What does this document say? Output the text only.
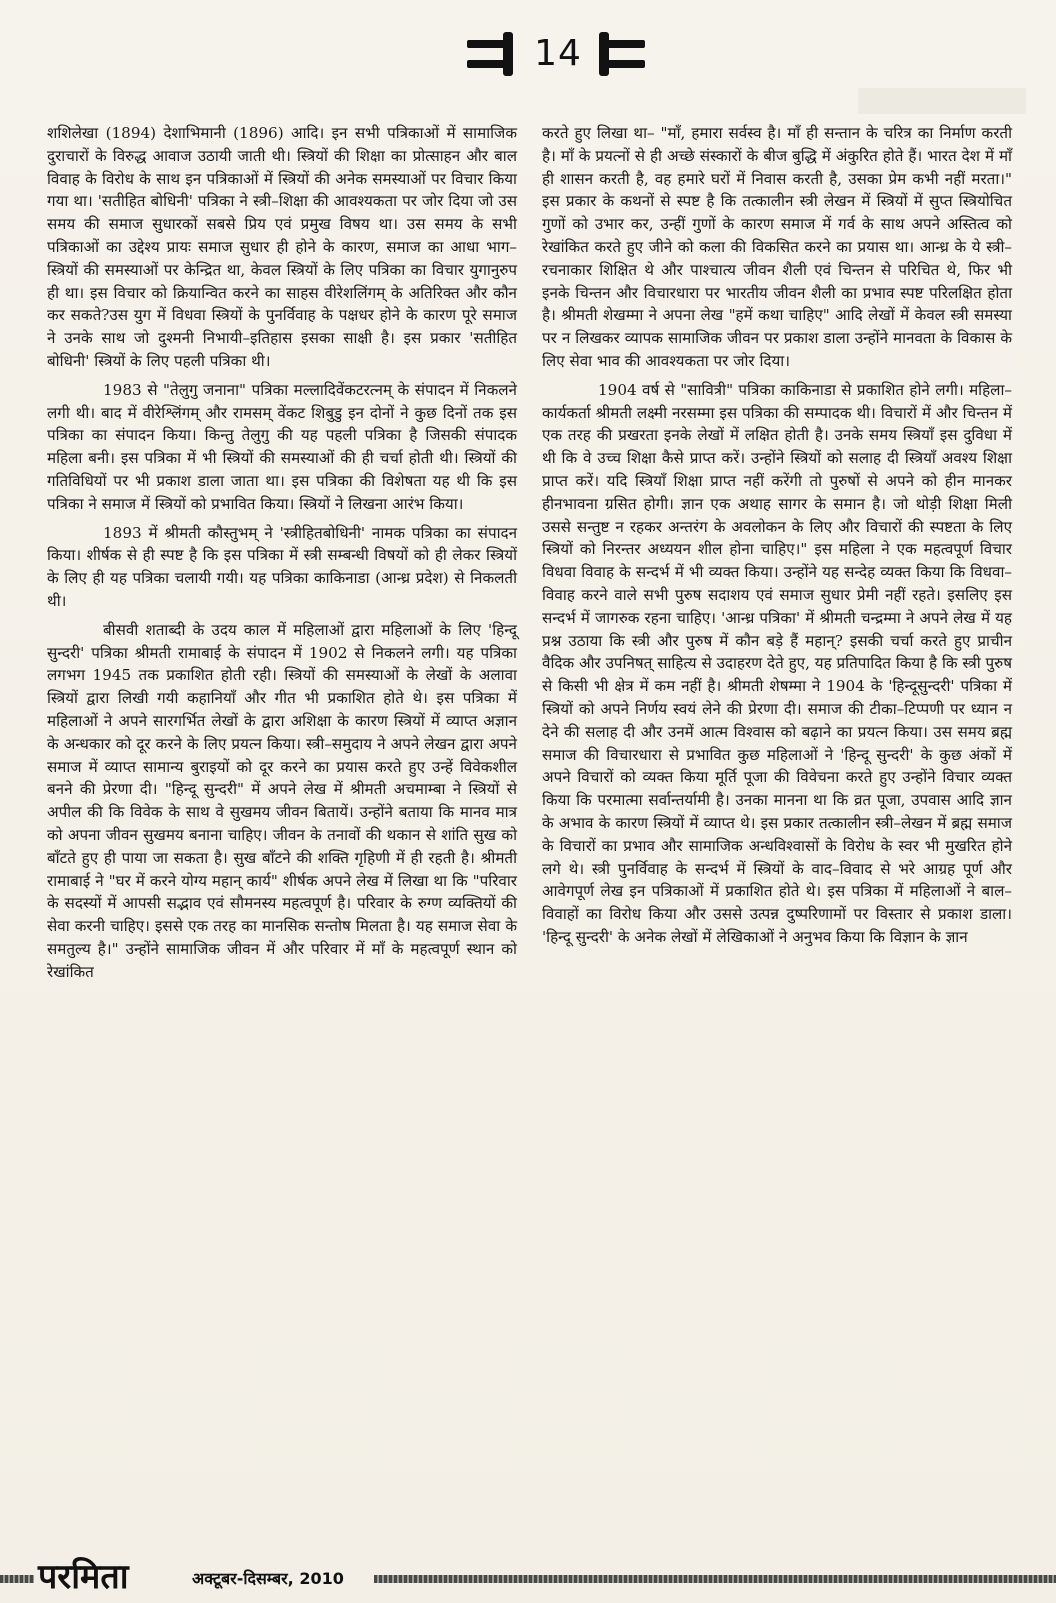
14

शशिलेखा (1894) देशाभिमानी (1896) आदि। इन सभी पत्रिकाओं में सामाजिक दुराचारों के विरुद्ध आवाज उठायी जाती थी। स्त्रियों की शिक्षा का प्रोत्साहन और बाल विवाह के विरोध के साथ इन पत्रिकाओं में स्त्रियों की अनेक समस्याओं पर विचार किया गया था। 'सतीहित बोधिनी' पत्रिका ने स्त्री–शिक्षा की आवश्यकता पर जोर दिया जो उस समय की समाज सुधारकों सबसे प्रिय एवं प्रमुख विषय था। उस समय के सभी पत्रिकाओं का उद्देश्य प्रायः समाज सुधार ही होने के कारण, समाज का आधा भाग–स्त्रियों की समस्याओं पर केन्द्रित था, केवल स्त्रियों के लिए पत्रिका का विचार युगानुरुप ही था। इस विचार को क्रियान्वित करने का साहस वीरेशलिंगम् के अतिरिक्त और कौन कर सकते?उस युग में विधवा स्त्रियों के पुनर्विवाह के पक्षधर होने के कारण पूरे समाज ने उनके साथ जो दुश्मनी निभायी–इतिहास इसका साक्षी है। इस प्रकार 'सतीहित बोधिनी' स्त्रियों के लिए पहली पत्रिका थी।

1983 से "तेलुगु जनाना" पत्रिका मल्लादिवेंकटरत्नम् के संपादन में निकलने लगी थी। बाद में वीरेश्लिंगम् और रामसम् वेंकट शिबुडु इन दोनों ने कुछ दिनों तक इस पत्रिका का संपादन किया। किन्तु तेलुगु की यह पहली पत्रिका है जिसकी संपादक महिला बनी। इस पत्रिका में भी स्त्रियों की समस्याओं की ही चर्चा होती थी। स्त्रियों की गतिविधियों पर भी प्रकाश डाला जाता था। इस पत्रिका की विशेषता यह थी कि इस पत्रिका ने समाज में स्त्रियों को प्रभावित किया। स्त्रियों ने लिखना आरंभ किया।

1893 में श्रीमती कौस्तुभम् ने 'स्त्रीहितबोधिनी' नामक पत्रिका का संपादन किया। शीर्षक से ही स्पष्ट है कि इस पत्रिका में स्त्री सम्बन्धी विषयों को ही लेकर स्त्रियों के लिए ही यह पत्रिका चलायी गयी। यह पत्रिका काकिनाडा (आन्ध्र प्रदेश) से निकलती थी।

बीसवी शताब्दी के उदय काल में महिलाओं द्वारा महिलाओं के लिए 'हिन्दू सुन्दरी' पत्रिका श्रीमती रामाबाई के संपादन में 1902 से निकलने लगी। यह पत्रिका लगभग 1945 तक प्रकाशित होती रही। स्त्रियों की समस्याओं के लेखों के अलावा स्त्रियों द्वारा लिखी गयी कहानियाँ और गीत भी प्रकाशित होते थे। इस पत्रिका में महिलाओं ने अपने सारगर्भित लेखों के द्वारा अशिक्षा के कारण स्त्रियों में व्याप्त अज्ञान के अन्धकार को दूर करने के लिए प्रयत्न किया। स्त्री–समुदाय ने अपने लेखन द्वारा अपने समाज में व्याप्त सामान्य बुराइयों को दूर करने का प्रयास करते हुए उन्हें विवेकशील बनने की प्रेरणा दी। "हिन्दू सुन्दरी" में अपने लेख में श्रीमती अचमाम्बा ने स्त्रियों से अपील की कि विवेक के साथ वे सुखमय जीवन बितायें। उन्होंने बताया कि मानव मात्र को अपना जीवन सुखमय बनाना चाहिए। जीवन के तनावों की थकान से शांति सुख को बाँटते हुए ही पाया जा सकता है। सुख बाँटने की शक्ति गृहिणी में ही रहती है। श्रीमती रामाबाई ने "घर में करने योग्य महान् कार्य" शीर्षक अपने लेख में लिखा था कि "परिवार के सदस्यों में आपसी सद्भाव एवं सौमनस्य महत्वपूर्ण है। परिवार के रुग्ण व्यक्तियों की सेवा करनी चाहिए। इससे एक तरह का मानसिक सन्तोष मिलता है। यह समाज सेवा के समतुल्य है।" उन्होंने सामाजिक जीवन में और परिवार में माँ के महत्वपूर्ण स्थान को रेखांकित

करते हुए लिखा था– "माँ, हमारा सर्वस्व है। माँ ही सन्तान के चरित्र का निर्माण करती है। माँ के प्रयत्नों से ही अच्छे संस्कारों के बीज बुद्धि में अंकुरित होते हैं। भारत देश में माँ ही शासन करती है, वह हमारे घरों में निवास करती है, उसका प्रेम कभी नहीं मरता।" इस प्रकार के कथनों से स्पष्ट है कि तत्कालीन स्त्री लेखन में स्त्रियों में सुप्त स्त्रियोचित गुणों को उभार कर, उन्हीं गुणों के कारण समाज में गर्व के साथ अपने अस्तित्व को रेखांकित करते हुए जीने को कला की विकसित करने का प्रयास था। आन्ध्र के ये स्त्री–रचनाकार शिक्षित थे और पाश्चात्य जीवन शैली एवं चिन्तन से परिचित थे, फिर भी इनके चिन्तन और विचारधारा पर भारतीय जीवन शैली का प्रभाव स्पष्ट परिलक्षित होता है। श्रीमती शेखम्मा ने अपना लेख "हमें कथा चाहिए" आदि लेखों में केवल स्त्री समस्या पर न लिखकर व्यापक सामाजिक जीवन पर प्रकाश डाला उन्होंने मानवता के विकास के लिए सेवा भाव की आवश्यकता पर जोर दिया।

1904 वर्ष से "सावित्री" पत्रिका काकिनाडा से प्रकाशित होने लगी। महिला–कार्यकर्ता श्रीमती लक्ष्मी नरसम्मा इस पत्रिका की सम्पादक थी। विचारों में और चिन्तन में एक तरह की प्रखरता इनके लेखों में लक्षित होती है। उनके समय स्त्रियाँ इस दुविधा में थी कि वे उच्च शिक्षा कैसे प्राप्त करें। उन्होंने स्त्रियों को सलाह दी स्त्रियाँ अवश्य शिक्षा प्राप्त करें। यदि स्त्रियाँ शिक्षा प्राप्त नहीं करेंगी तो पुरुषों से अपने को हीन मानकर हीनभावना ग्रसित होगी। ज्ञान एक अथाह सागर के समान है। जो थोड़ी शिक्षा मिली उससे सन्तुष्ट न रहकर अन्तरंग के अवलोकन के लिए और विचारों की स्पष्टता के लिए स्त्रियों को निरन्तर अध्ययन शील होना चाहिए।" इस महिला ने एक महत्वपूर्ण विचार विधवा विवाह के सन्दर्भ में भी व्यक्त किया। उन्होंने यह सन्देह व्यक्त किया कि विधवा–विवाह करने वाले सभी पुरुष सदाशय एवं समाज सुधार प्रेमी नहीं रहते। इसलिए इस सन्दर्भ में जागरुक रहना चाहिए। 'आन्ध्र पत्रिका' में श्रीमती चन्द्रम्मा ने अपने लेख में यह प्रश्न उठाया कि स्त्री और पुरुष में कौन बड़े हैं महान्? इसकी चर्चा करते हुए प्राचीन वैदिक और उपनिषत् साहित्य से उदाहरण देते हुए, यह प्रतिपादित किया है कि स्त्री पुरुष से किसी भी क्षेत्र में कम नहीं है। श्रीमती शेषम्मा ने 1904 के 'हिन्दूसुन्दरी' पत्रिका में स्त्रियों को अपने निर्णय स्वयं लेने की प्रेरणा दी। समाज की टीका–टिप्पणी पर ध्यान न देने की सलाह दी और उनमें आत्म विश्वास को बढ़ाने का प्रयत्न किया। उस समय ब्रह्म समाज की विचारधारा से प्रभावित कुछ महिलाओं ने 'हिन्दू सुन्दरी' के कुछ अंकों में अपने विचारों को व्यक्त किया मूर्ति पूजा की विवेचना करते हुए उन्होंने विचार व्यक्त किया कि परमात्मा सर्वान्तर्यामी है। उनका मानना था कि व्रत पूजा, उपवास आदि ज्ञान के अभाव के कारण स्त्रियों में व्याप्त थे। इस प्रकार तत्कालीन स्त्री–लेखन में ब्रह्म समाज के विचारों का प्रभाव और सामाजिक अन्धविश्वासों के विरोध के स्वर भी मुखरित होने लगे थे। स्त्री पुनर्विवाह के सन्दर्भ में स्त्रियों के वाद–विवाद से भरे आग्रह पूर्ण और आवेगपूर्ण लेख इन पत्रिकाओं में प्रकाशित होते थे। इस पत्रिका में महिलाओं ने बाल–विवाहों का विरोध किया और उससे उत्पन्न दुष्परिणामों पर विस्तार से प्रकाश डाला। 'हिन्दू सुन्दरी' के अनेक लेखों में लेखिकाओं ने अनुभव किया कि विज्ञान के ज्ञान

परमिता	अक्टूबर-दिसम्बर, 2010
